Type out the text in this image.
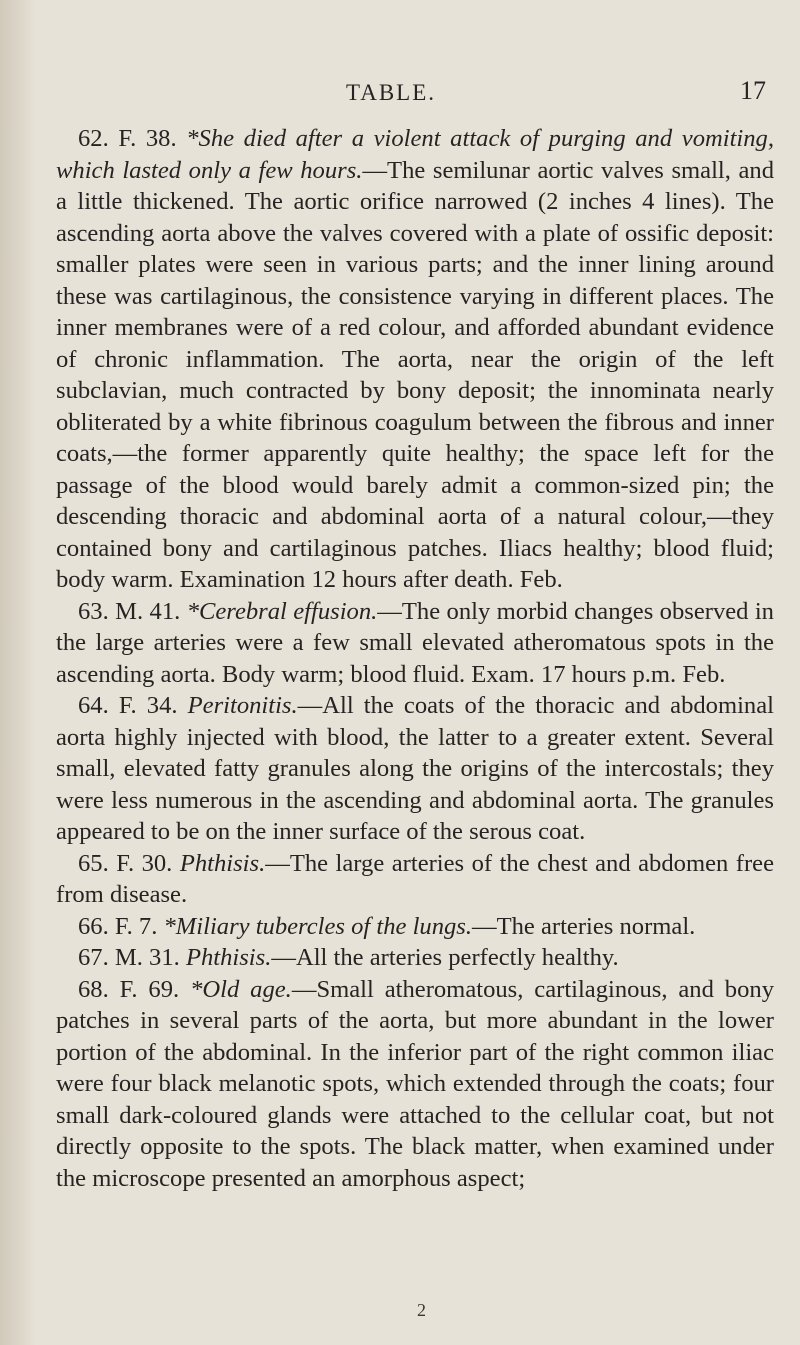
TABLE.	17

62. F. 38. *She died after a violent attack of purging and vomiting, which lasted only a few hours.—The semilunar aortic valves small, and a little thickened. The aortic orifice narrowed (2 inches 4 lines). The ascending aorta above the valves covered with a plate of ossific deposit: smaller plates were seen in various parts; and the inner lining around these was cartilaginous, the consistence varying in different places. The inner membranes were of a red colour, and afforded abundant evidence of chronic inflammation. The aorta, near the origin of the left subclavian, much contracted by bony deposit; the innominata nearly obliterated by a white fibrinous coagulum between the fibrous and inner coats,—the former apparently quite healthy; the space left for the passage of the blood would barely admit a common-sized pin; the descending thoracic and abdominal aorta of a natural colour,—they contained bony and cartilaginous patches. Iliacs healthy; blood fluid; body warm. Examination 12 hours after death. Feb.

63. M. 41. *Cerebral effusion.—The only morbid changes observed in the large arteries were a few small elevated atheromatous spots in the ascending aorta. Body warm; blood fluid. Exam. 17 hours p.m. Feb.

64. F. 34. Peritonitis.—All the coats of the thoracic and abdominal aorta highly injected with blood, the latter to a greater extent. Several small, elevated fatty granules along the origins of the intercostals; they were less numerous in the ascending and abdominal aorta. The granules appeared to be on the inner surface of the serous coat.

65. F. 30. Phthisis.—The large arteries of the chest and abdomen free from disease.

66. F. 7. *Miliary tubercles of the lungs.—The arteries normal.

67. M. 31. Phthisis.—All the arteries perfectly healthy.

68. F. 69. *Old age.—Small atheromatous, cartilaginous, and bony patches in several parts of the aorta, but more abundant in the lower portion of the abdominal. In the inferior part of the right common iliac were four black melanotic spots, which extended through the coats; four small dark-coloured glands were attached to the cellular coat, but not directly opposite to the spots. The black matter, when examined under the microscope presented an amorphous aspect;

2
